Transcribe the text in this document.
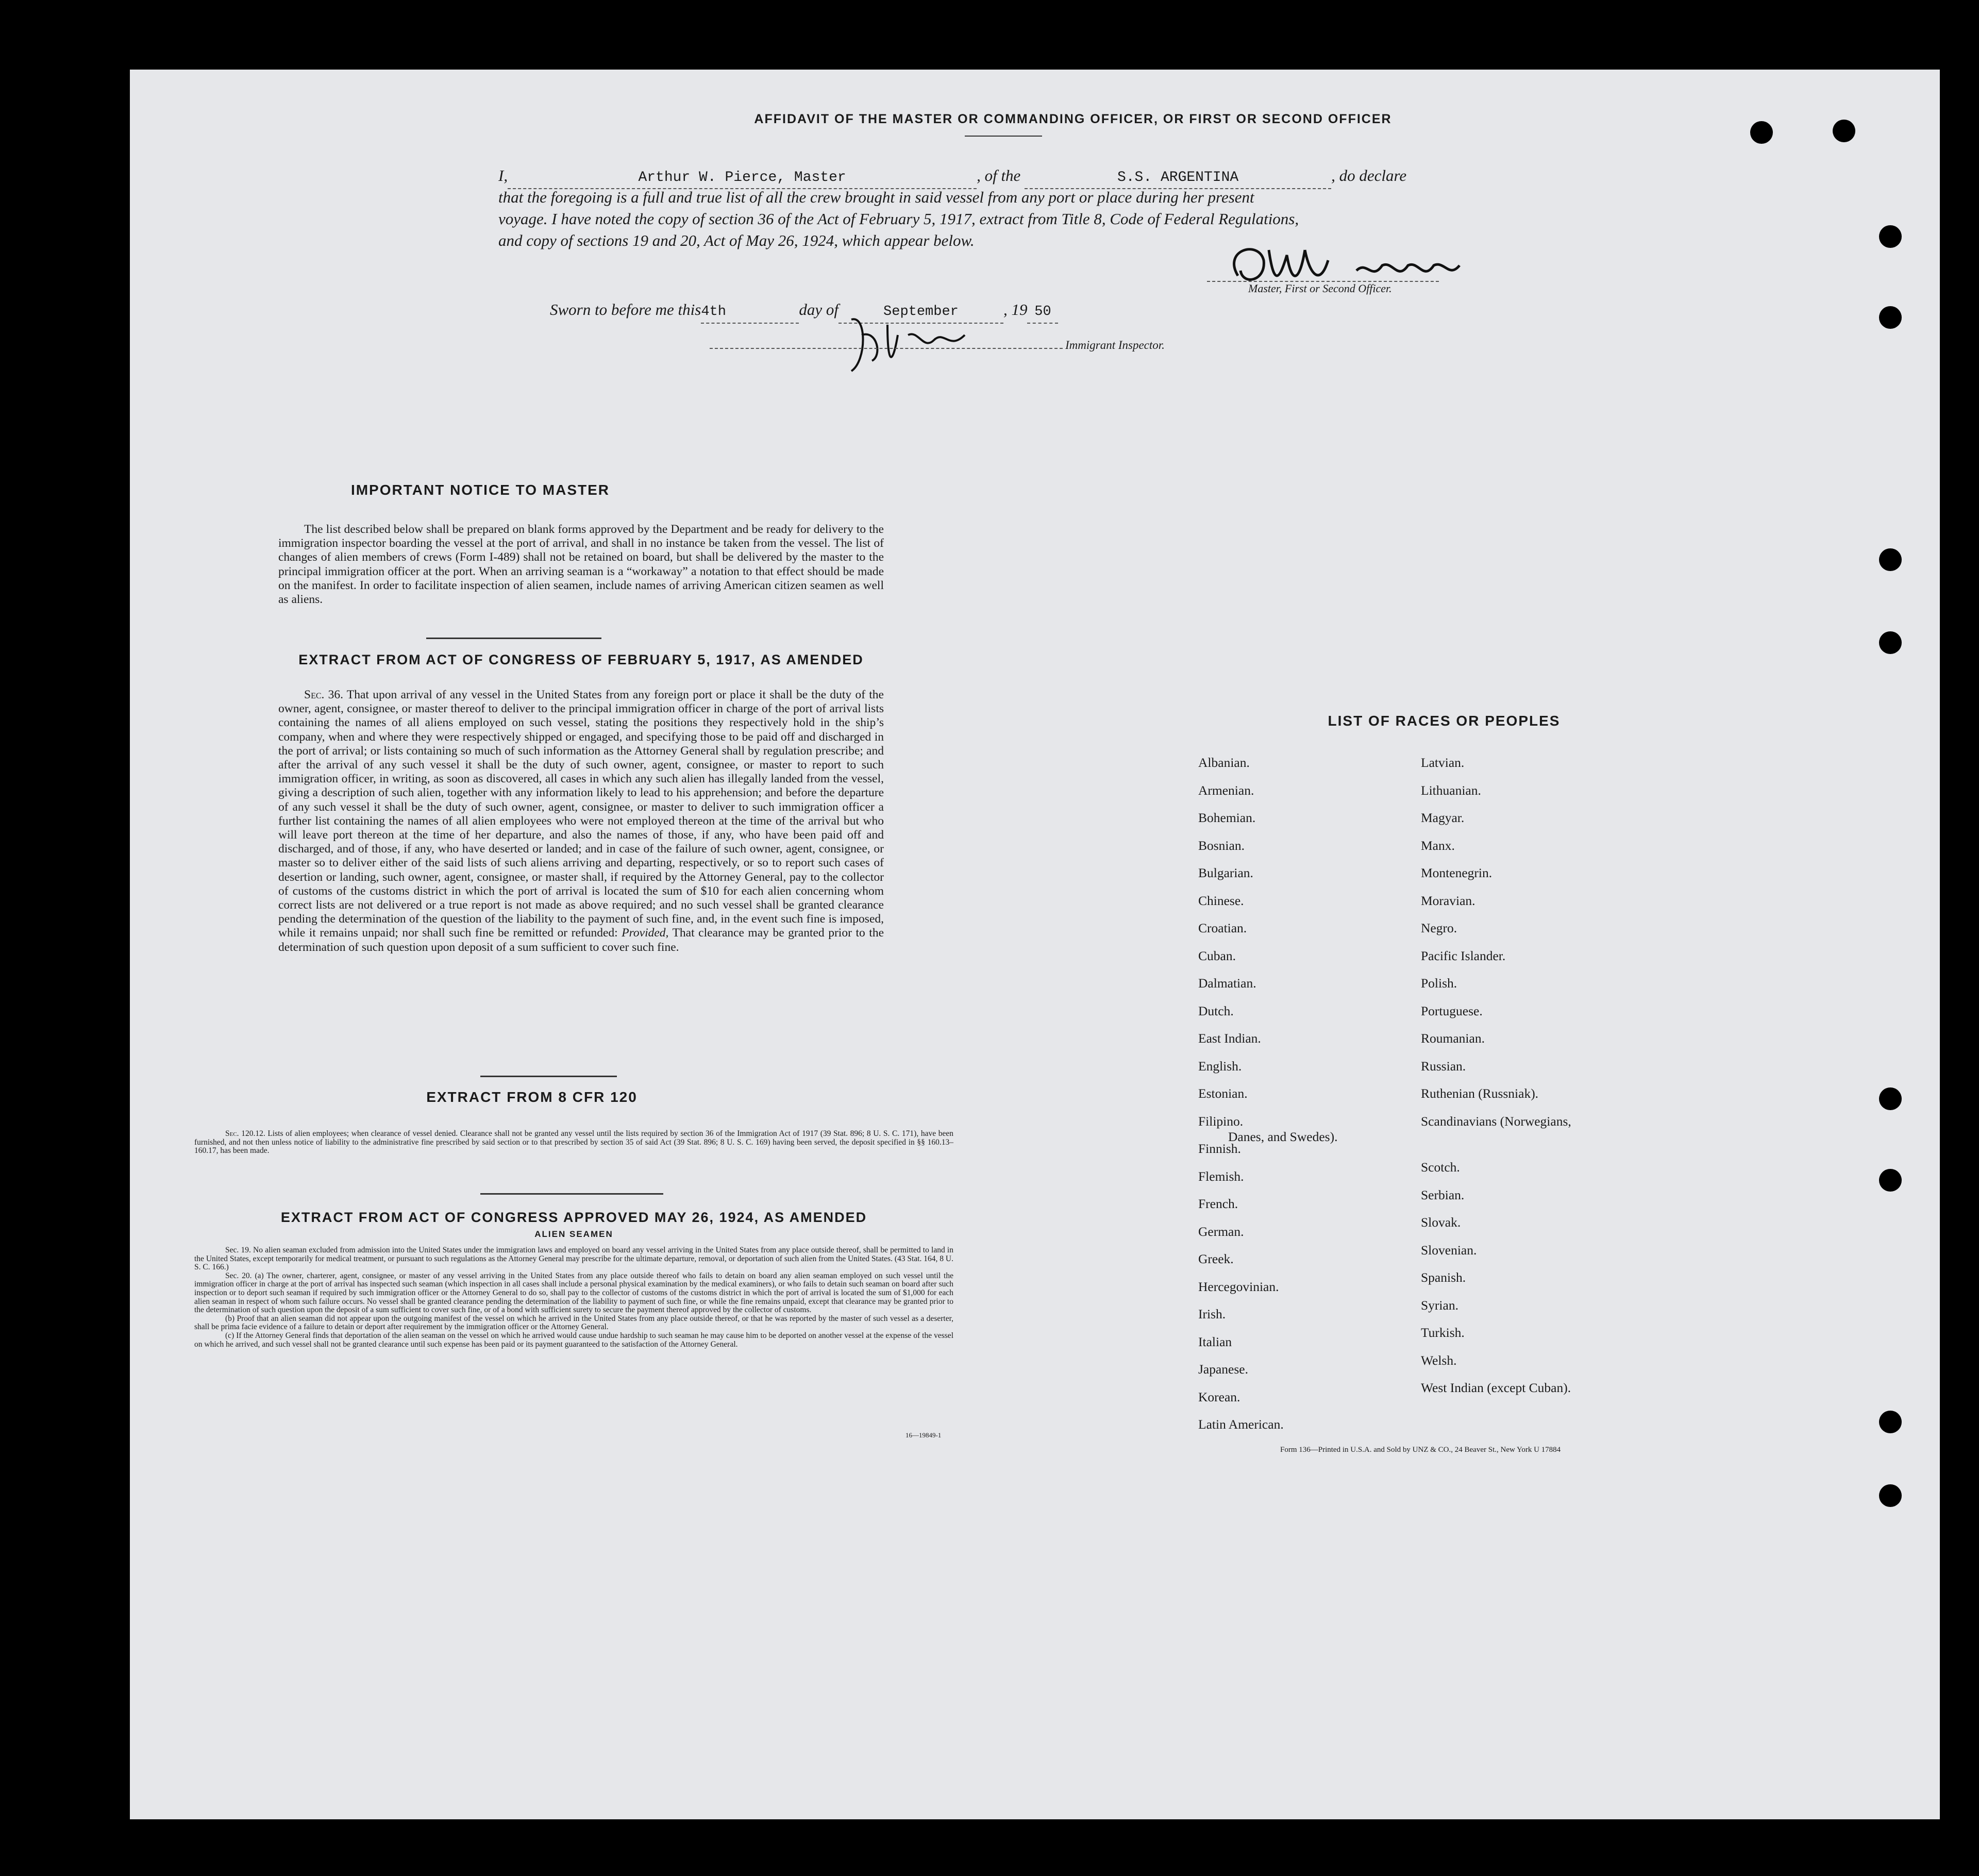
AFFIDAVIT OF THE MASTER OR COMMANDING OFFICER, OR FIRST OR SECOND OFFICER
I,	Arthur W. Pierce, Master	, of the	S.S. ARGENTINA	, do declare
that the foregoing is a full and true list of all the crew brought in said vessel from any port or place during her present
voyage. I have noted the copy of section 36 of the Act of February 5, 1917, extract from Title 8, Code of Federal Regulations,
and copy of sections 19 and 20, Act of May 26, 1924, which appear below.
Master, First or Second Officer.
Sworn to before me this4th	day of	September	, 19 50
Immigrant Inspector.
IMPORTANT NOTICE TO MASTER

The list described below shall be prepared on blank forms approved by the Department and be ready for delivery to the immigration inspector boarding the vessel at the port of arrival, and shall in no instance be taken from the vessel. The list of changes of alien members of crews (Form I-489) shall not be retained on board, but shall be delivered by the master to the principal immigration officer at the port. When an arriving seaman is a “workaway” a notation to that effect should be made on the manifest. In order to facilitate inspection of alien seamen, include names of arriving American citizen seamen as well as aliens.

EXTRACT FROM ACT OF CONGRESS OF FEBRUARY 5, 1917, AS AMENDED

Sec. 36. That upon arrival of any vessel in the United States from any foreign port or place it shall be the duty of the owner, agent, consignee, or master thereof to deliver to the principal immigration officer in charge of the port of arrival lists containing the names of all aliens employed on such vessel, stating the positions they respectively hold in the ship’s company, when and where they were respectively shipped or engaged, and specifying those to be paid off and discharged in the port of arrival; or lists containing so much of such information as the Attorney General shall by regulation prescribe; and after the arrival of any such vessel it shall be the duty of such owner, agent, consignee, or master to report to such immigration officer, in writing, as soon as discovered, all cases in which any such alien has illegally landed from the vessel, giving a description of such alien, together with any information likely to lead to his apprehension; and before the departure of any such vessel it shall be the duty of such owner, agent, consignee, or master to deliver to such immigration officer a further list containing the names of all alien employees who were not employed thereon at the time of the arrival but who will leave port thereon at the time of her departure, and also the names of those, if any, who have been paid off and discharged, and of those, if any, who have deserted or landed; and in case of the failure of such owner, agent, consignee, or master so to deliver either of the said lists of such aliens arriving and departing, respectively, or so to report such cases of desertion or landing, such owner, agent, consignee, or master shall, if required by the Attorney General, pay to the collector of customs of the customs district in which the port of arrival is located the sum of $10 for each alien concerning whom correct lists are not delivered or a true report is not made as above required; and no such vessel shall be granted clearance pending the determination of the question of the liability to the payment of such fine, and, in the event such fine is imposed, while it remains unpaid; nor shall such fine be remitted or refunded: Provided, That clearance may be granted prior to the determination of such question upon deposit of a sum sufficient to cover such fine.

EXTRACT FROM 8 CFR 120

Sec. 120.12. Lists of alien employees; when clearance of vessel denied. Clearance shall not be granted any vessel until the lists required by section 36 of the Immigration Act of 1917 (39 Stat. 896; 8 U. S. C. 171), have been furnished, and not then unless notice of liability to the administrative fine prescribed by said section or to that prescribed by section 35 of said Act (39 Stat. 896; 8 U. S. C. 169) having been served, the deposit specified in §§ 160.13–160.17, has been made.

EXTRACT FROM ACT OF CONGRESS APPROVED MAY 26, 1924, AS AMENDED
ALIEN SEAMEN

Sec. 19. No alien seaman excluded from admission into the United States under the immigration laws and employed on board any vessel arriving in the United States from any place outside thereof, shall be permitted to land in the United States, except temporarily for medical treatment, or pursuant to such regulations as the Attorney General may prescribe for the ultimate departure, removal, or deportation of such alien from the United States. (43 Stat. 164, 8 U. S. C. 166.)

Sec. 20. (a) The owner, charterer, agent, consignee, or master of any vessel arriving in the United States from any place outside thereof who fails to detain on board any alien seaman employed on such vessel until the immigration officer in charge at the port of arrival has inspected such seaman (which inspection in all cases shall include a personal physical examination by the medical examiners), or who fails to detain such seaman on board after such inspection or to deport such seaman if required by such immigration officer or the Attorney General to do so, shall pay to the collector of customs of the customs district in which the port of arrival is located the sum of $1,000 for each alien seaman in respect of whom such failure occurs. No vessel shall be granted clearance pending the determination of the liability to payment of such fine, or while the fine remains unpaid, except that clearance may be granted prior to the determination of such question upon the deposit of a sum sufficient to cover such fine, or of a bond with sufficient surety to secure the payment thereof approved by the collector of customs.

(b) Proof that an alien seaman did not appear upon the outgoing manifest of the vessel on which he arrived in the United States from any place outside thereof, or that he was reported by the master of such vessel as a deserter, shall be prima facie evidence of a failure to detain or deport after requirement by the immigration officer or the Attorney General.

(c) If the Attorney General finds that deportation of the alien seaman on the vessel on which he arrived would cause undue hardship to such seaman he may cause him to be deported on another vessel at the expense of the vessel on which he arrived, and such vessel shall not be granted clearance until such expense has been paid or its payment guaranteed to the satisfaction of the Attorney General.

16—19849-1
LIST OF RACES OR PEOPLES
Albanian.
Armenian.
Bohemian.
Bosnian.
Bulgarian.
Chinese.
Croatian.
Cuban.
Dalmatian.
Dutch.
East Indian.
English.
Estonian.
Filipino.
Finnish.
Flemish.
French.
German.
Greek.
Hercegovinian.
Irish.
Italian
Japanese.
Korean.
Latin American.
Latvian.
Lithuanian.
Magyar.
Manx.
Montenegrin.
Moravian.
Negro.
Pacific Islander.
Polish.
Portuguese.
Roumanian.
Russian.
Ruthenian (Russniak).
Scandinavians (Norwegians,
Danes, and Swedes).
Scotch.
Serbian.
Slovak.
Slovenian.
Spanish.
Syrian.
Turkish.
Welsh.
West Indian (except Cuban).
Form 136—Printed in U.S.A. and Sold by UNZ & CO., 24 Beaver St., New York U 17884
